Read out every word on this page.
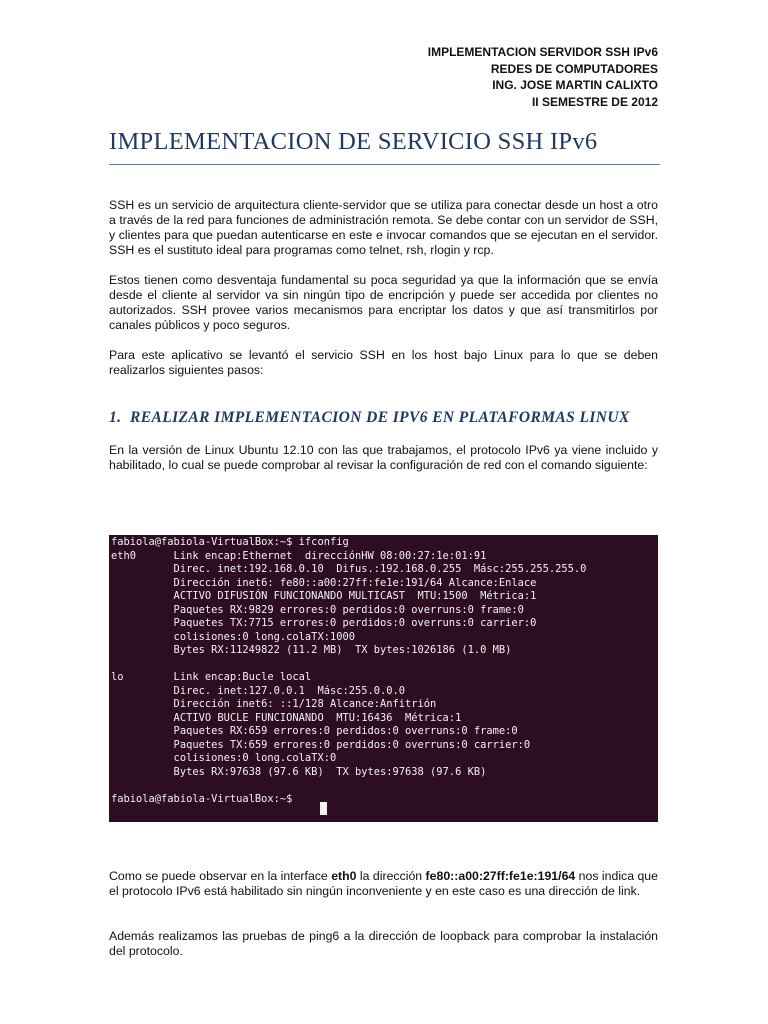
IMPLEMENTACION SERVIDOR SSH IPv6
REDES DE COMPUTADORES
ING. JOSE MARTIN CALIXTO
II SEMESTRE DE 2012
IMPLEMENTACION DE SERVICIO SSH IPv6

SSH es un servicio de arquitectura cliente-servidor que se utiliza para conectar desde un host a otro a través de la red para funciones de administración remota. Se debe contar con un servidor de SSH, y clientes para que puedan autenticarse en este e invocar comandos que se ejecutan en el servidor. SSH es el sustituto ideal para programas como telnet, rsh, rlogin y rcp.

Estos tienen como desventaja fundamental su poca seguridad ya que la información que se envía desde el cliente al servidor va sin ningún tipo de encripción y puede ser accedida por clientes no autorizados. SSH provee varios mecanismos para encriptar los datos y que así transmitirlos por canales públicos y poco seguros.

Para este aplicativo se levantó el servicio SSH en los host bajo Linux para lo que se deben realizarlos siguientes pasos:

1. REALIZAR IMPLEMENTACION DE IPV6 EN PLATAFORMAS LINUX

En la versión de Linux Ubuntu 12.10 con las que trabajamos, el protocolo IPv6 ya viene incluido y habilitado, lo cual se puede comprobar al revisar la configuración de red con el comando siguiente:

fabiola@fabiola-VirtualBox:~$ ifconfig
eth0      Link encap:Ethernet  direcciónHW 08:00:27:1e:01:91
Direc. inet:192.168.0.10  Difus.:192.168.0.255  Másc:255.255.255.0
Dirección inet6: fe80::a00:27ff:fe1e:191/64 Alcance:Enlace
ACTIVO DIFUSIÓN FUNCIONANDO MULTICAST  MTU:1500  Métrica:1
Paquetes RX:9829 errores:0 perdidos:0 overruns:0 frame:0
Paquetes TX:7715 errores:0 perdidos:0 overruns:0 carrier:0
colisiones:0 long.colaTX:1000
Bytes RX:11249822 (11.2 MB)  TX bytes:1026186 (1.0 MB)
lo        Link encap:Bucle local
Direc. inet:127.0.0.1  Másc:255.0.0.0
Dirección inet6: ::1/128 Alcance:Anfitrión
ACTIVO BUCLE FUNCIONANDO  MTU:16436  Métrica:1
Paquetes RX:659 errores:0 perdidos:0 overruns:0 frame:0
Paquetes TX:659 errores:0 perdidos:0 overruns:0 carrier:0
colisiones:0 long.colaTX:0
Bytes RX:97638 (97.6 KB)  TX bytes:97638 (97.6 KB)
fabiola@fabiola-VirtualBox:~$

Como se puede observar en la interface eth0 la dirección fe80::a00:27ff:fe1e:191/64 nos indica que el protocolo IPv6 está habilitado sin ningún inconveniente y en este caso es una dirección de link.

Además realizamos las pruebas de ping6 a la dirección de loopback para comprobar la instalación del protocolo.
